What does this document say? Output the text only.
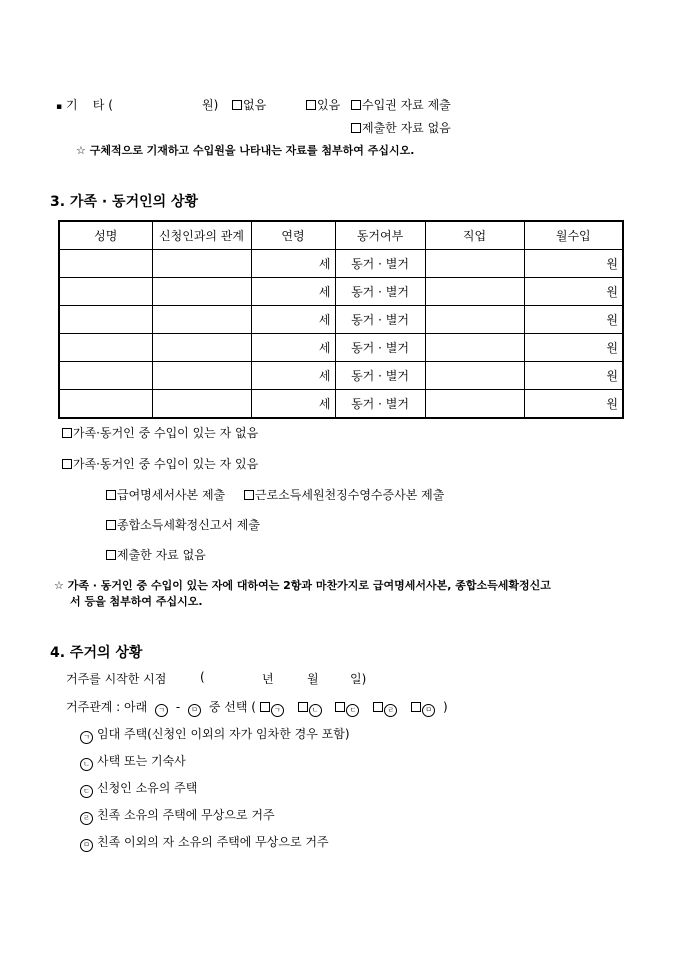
▪ 기    타 (	원)	없음	있음	수입권 자료 제출
제출한 자료 없음
☆ 구체적으로 기재하고 수입원을 나타내는 자료를 첨부하여 주십시오.
3. 가족 · 동거인의 상황
성명	신청인과의 관계	연령	동거여부	직업	월수입
		세	동거 · 별거		원
		세	동거 · 별거		원
		세	동거 · 별거		원
		세	동거 · 별거		원
		세	동거 · 별거		원
		세	동거 · 별거		원
가족·동거인 중 수입이 있는 자 없음
가족·동거인 중 수입이 있는 자 있음
급여명세서사본 제출	근로소득세원천징수영수증사본 제출
종합소득세확정신고서 제출
제출한 자료 없음
☆ 가족 · 동거인 중 수입이 있는 자에 대하여는 2항과 마찬가지로 급여명세서사본, 종합소득세확정신고
서 등을 첨부하여 주십시오.
4. 주거의 상황
거주를 시작한 시점	(	년	월	일)
거주관계 : 아래 ㄱ - ㅁ 중 선택 (	ㄱ	ㄴ	ㄷ	ㄹ	ㅁ )
ㄱ 임대 주택(신청인 이외의 자가 임차한 경우 포함)
ㄴ 사택 또는 기숙사
ㄷ 신청인 소유의 주택
ㄹ 친족 소유의 주택에 무상으로 거주
ㅁ 친족 이외의 자 소유의 주택에 무상으로 거주
